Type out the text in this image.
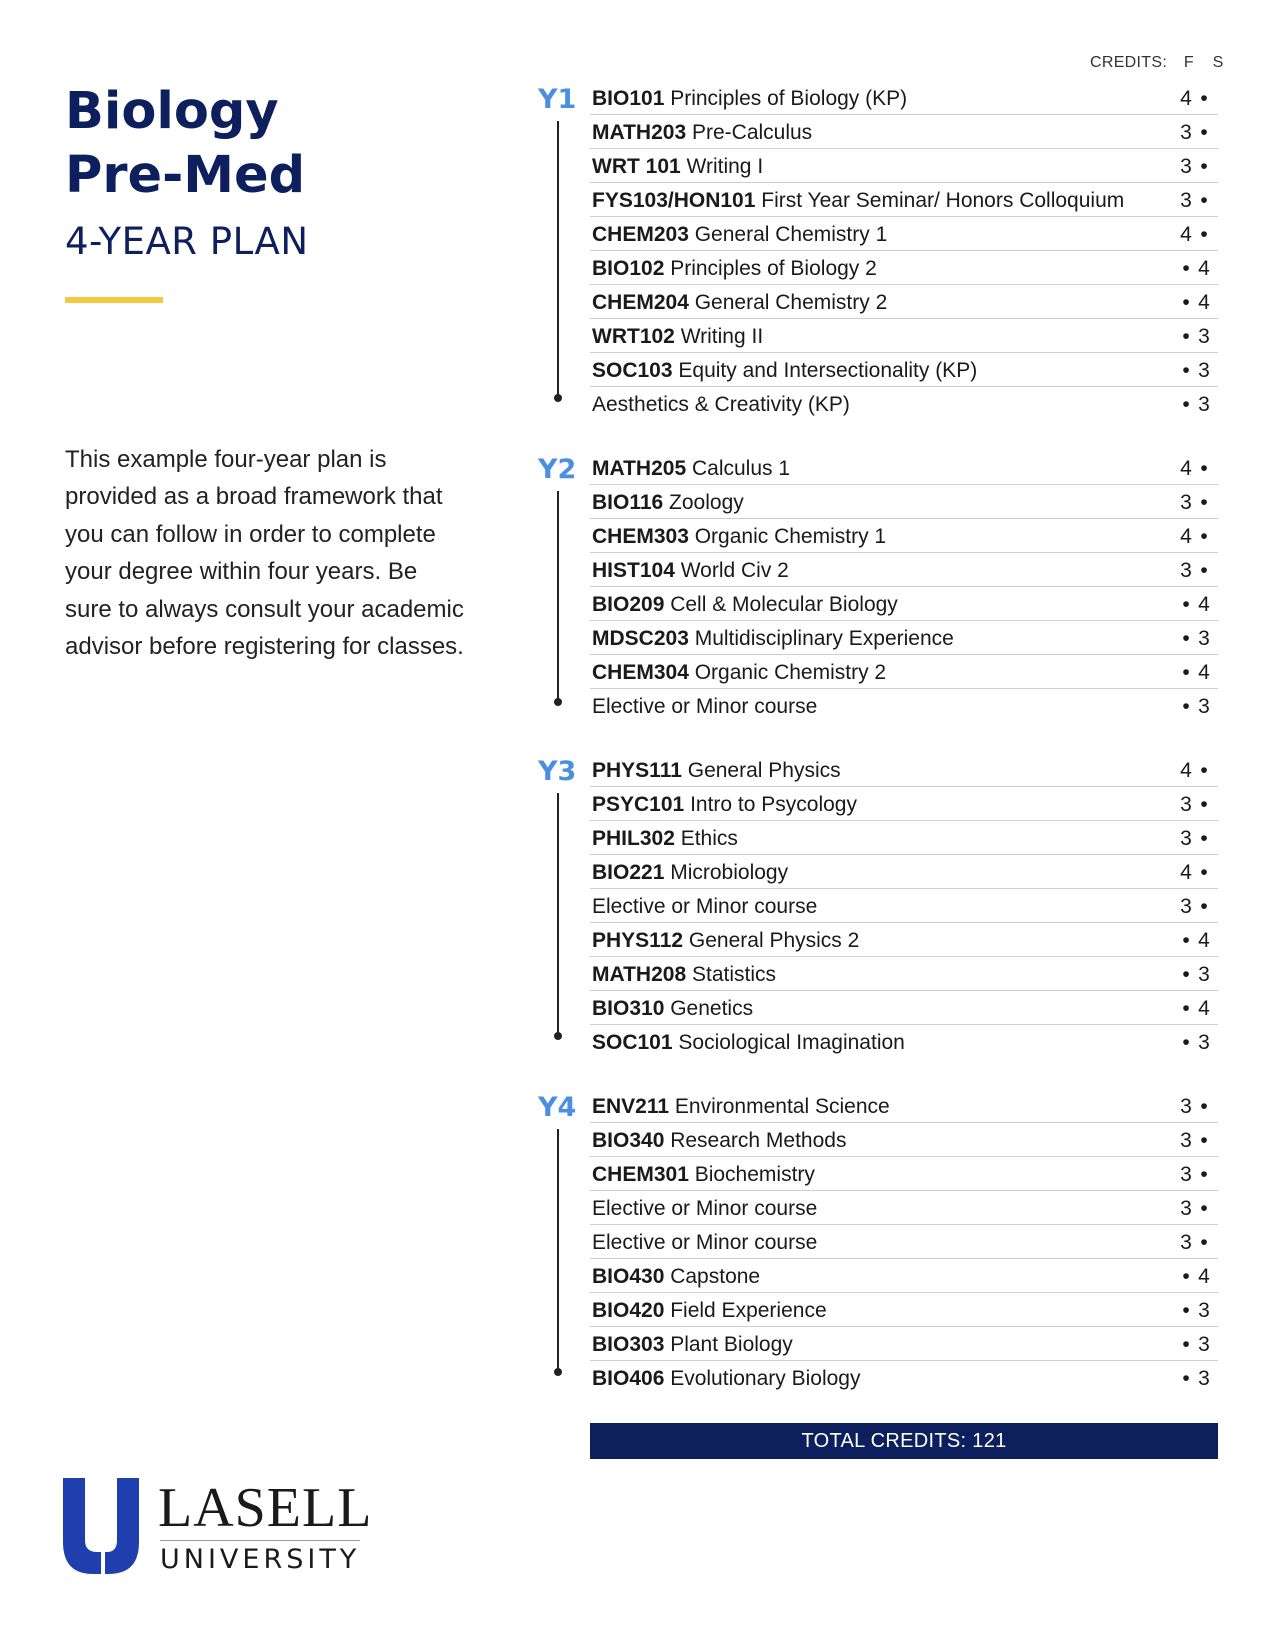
Biology
Pre-Med
4-YEAR PLAN
This example four-year plan is provided as a broad framework that you can follow in order to complete your degree within four years. Be sure to always consult your academic advisor before registering for classes.
CREDITS: F S
Y1 BIO101 Principles of Biology (KP)	4 •
MATH203 Pre-Calculus	3 •
WRT 101 Writing I	3 •
FYS103/HON101 First Year Seminar/ Honors Colloquium	3 •
CHEM203 General Chemistry 1	4 •
BIO102 Principles of Biology 2	• 4
CHEM204 General Chemistry 2	• 4
WRT102 Writing II	• 3
SOC103 Equity and Intersectionality (KP)	• 3
Aesthetics & Creativity (KP)	• 3
Y2 MATH205 Calculus 1	4 •
BIO116 Zoology	3 •
CHEM303 Organic Chemistry 1	4 •
HIST104 World Civ 2	3 •
BIO209 Cell & Molecular Biology	• 4
MDSC203 Multidisciplinary Experience	• 3
CHEM304 Organic Chemistry 2	• 4
Elective or Minor course	• 3
Y3 PHYS111 General Physics	4 •
PSYC101 Intro to Psycology	3 •
PHIL302 Ethics	3 •
BIO221 Microbiology	4 •
Elective or Minor course	3 •
PHYS112 General Physics 2	• 4
MATH208 Statistics	• 3
BIO310 Genetics	• 4
SOC101 Sociological Imagination	• 3
Y4 ENV211 Environmental Science	3 •
BIO340 Research Methods	3 •
CHEM301 Biochemistry	3 •
Elective or Minor course	3 •
Elective or Minor course	3 •
BIO430 Capstone	• 4
BIO420 Field Experience	• 3
BIO303 Plant Biology	• 3
BIO406 Evolutionary Biology	• 3
TOTAL CREDITS: 121
LASELL
UNIVERSITY
